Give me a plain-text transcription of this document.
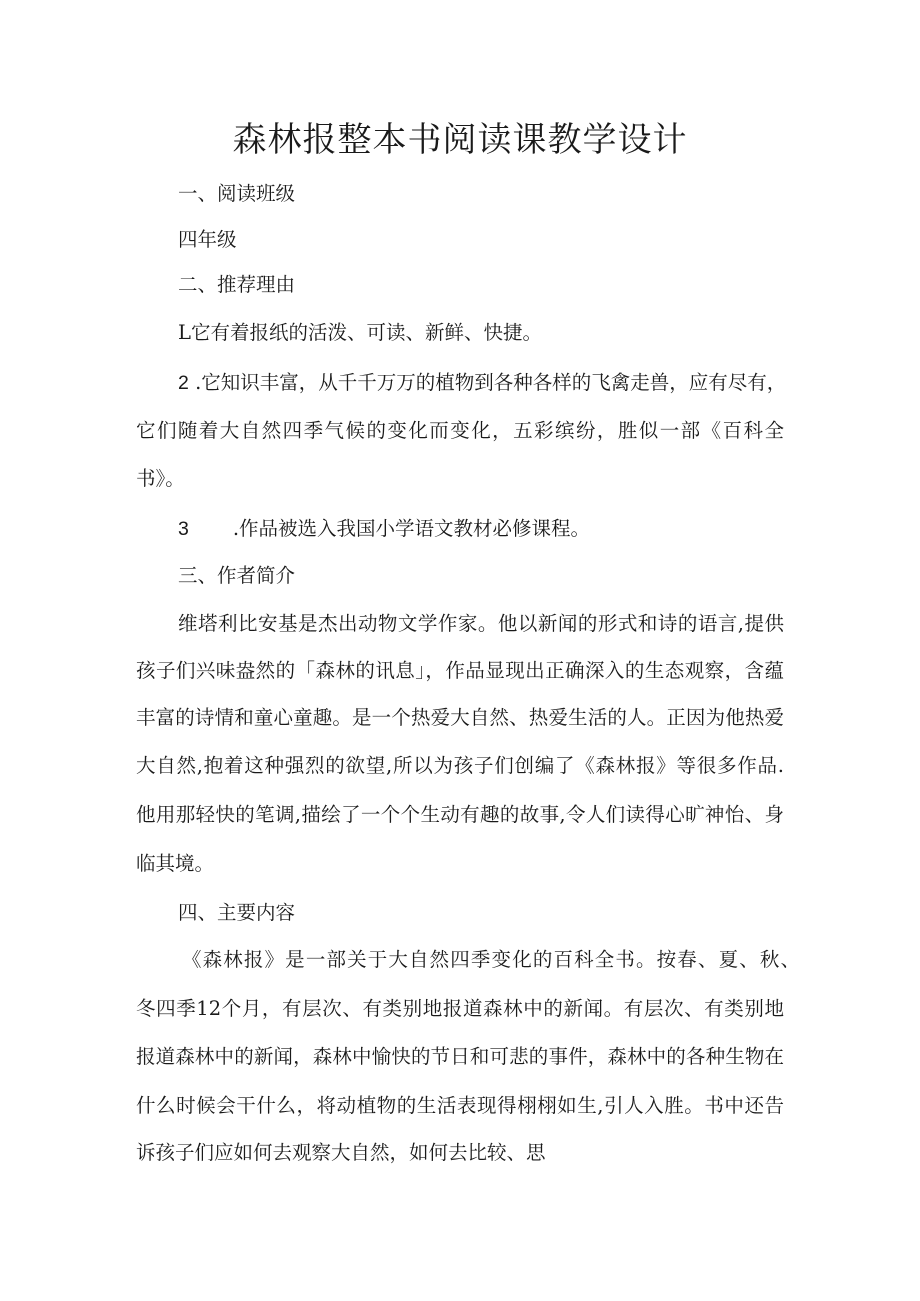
森林报整本书阅读课教学设计
一、阅读班级
四年级
二、推荐理由
L它有着报纸的活泼、可读、新鲜、快捷。
2 .它知识丰富，从千千万万的植物到各种各样的飞禽走兽，应有尽有，
它们随着大自然四季气候的变化而变化，五彩缤纷，胜似一部《百科全
书》。
3 .作品被选入我国小学语文教材必修课程。
三、作者简介
维塔利比安基是杰出动物文学作家。他以新闻的形式和诗的语言,提供
孩子们兴味盎然的「森林的讯息」，作品显现出正确深入的生态观察，含蕴
丰富的诗情和童心童趣。是一个热爱大自然、热爱生活的人。正因为他热爱
大自然,抱着这种强烈的欲望,所以为孩子们创编了《森林报》等很多作品.
他用那轻快的笔调,描绘了一个个生动有趣的故事,令人们读得心旷神怡、身
临其境。
四、主要内容
《森林报》是一部关于大自然四季变化的百科全书。按春、夏、秋、
冬四季12个月，有层次、有类别地报道森林中的新闻。有层次、有类别地
报道森林中的新闻，森林中愉快的节日和可悲的事件，森林中的各种生物在
什么时候会干什么，将动植物的生活表现得栩栩如生,引人入胜。书中还告
诉孩子们应如何去观察大自然，如何去比较、思
